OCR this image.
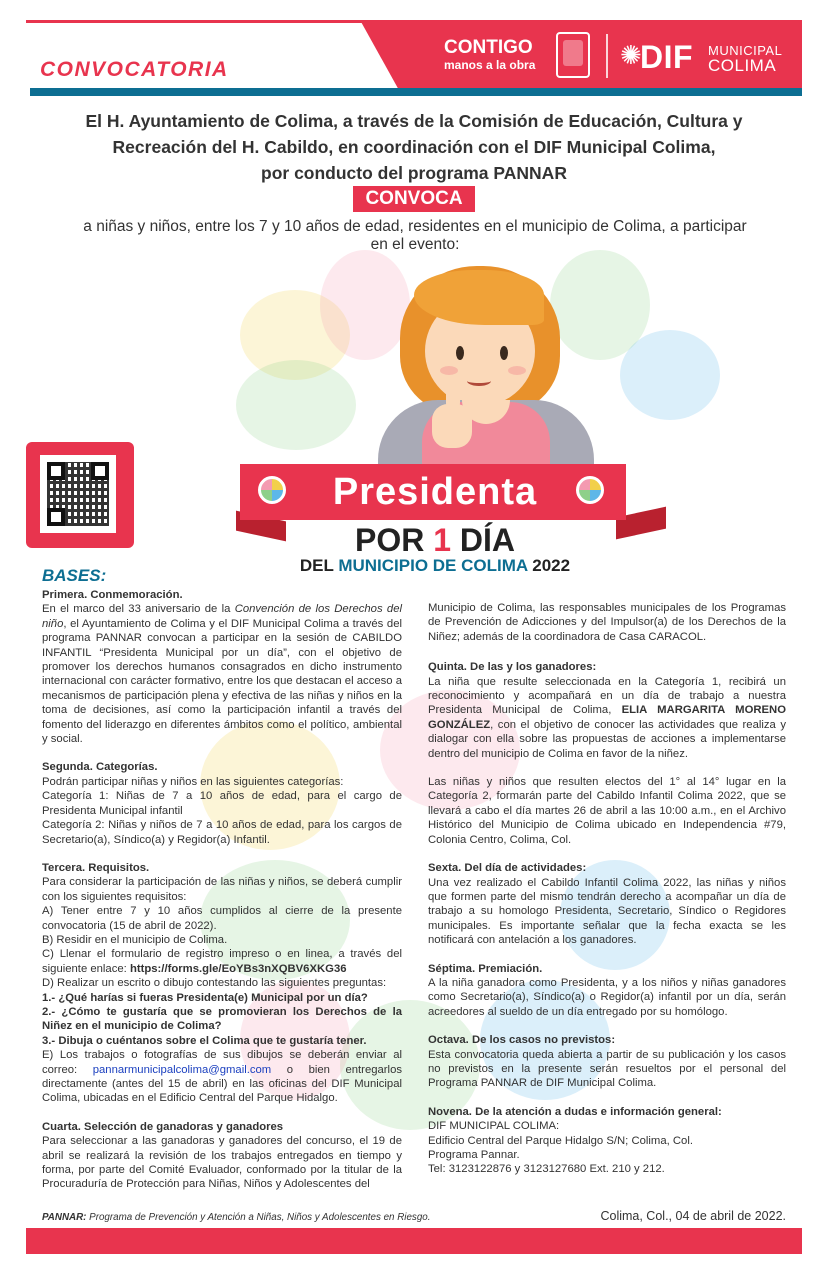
CONVOCATORIA
CONTIGO
manos a la obra	✺
DIF MUNICIPAL
COLIMA
El H. Ayuntamiento de Colima, a través de la Comisión de Educación, Cultura y
Recreación del H. Cabildo, en coordinación con el DIF Municipal Colima,
por conducto del programa PANNAR
CONVOCA
a niñas y niños, entre los 7 y 10 años de edad, residentes en el municipio de Colima, a participar
en el evento:
Presidenta
POR 1 DÍA
DEL MUNICIPIO DE COLIMA 2022
BASES:

Primera. Conmemoración.

En el marco del 33 aniversario de la Convención de los Derechos del niño, el Ayuntamiento de Colima y el DIF Municipal Colima a través del programa PANNAR convocan a participar en la sesión de CABILDO INFANTIL “Presidenta Municipal por un día”, con el objetivo de promover los derechos humanos consagrados en dicho instrumento internacional con carácter formativo, entre los que destacan el acceso a mecanismos de participación plena y efectiva de las niñas y niños en la toma de decisiones, así como la participación infantil a través del fomento del liderazgo en diferentes ámbitos como el político, ambiental y social.

Segunda. Categorías.

Podrán participar niñas y niños en las siguientes categorías:

Categoría 1: Niñas de 7 a 10 años de edad, para el cargo de Presidenta Municipal infantil

Categoría 2: Niñas y niños de 7 a 10 años de edad, para los cargos de Secretario(a), Síndico(a) y Regidor(a) Infantil.

Tercera. Requisitos.

Para considerar la participación de las niñas y niños, se deberá cumplir con los siguientes requisitos:

A) Tener entre 7 y 10 años cumplidos al cierre de la presente convocatoria (15 de abril de 2022).

B) Residir en el municipio de Colima.

C) Llenar el formulario de registro impreso o en linea, a través del siguiente enlace: https://forms.gle/EoYBs3nXQBV6XKG36

D) Realizar un escrito o dibujo contestando las siguientes preguntas:

1.- ¿Qué harías si fueras Presidenta(e) Municipal por un día?

2.- ¿Cómo te gustaría que se promovieran los Derechos de la Niñez en el municipio de Colima?

3.- Dibuja o cuéntanos sobre el Colima que te gustaría tener.

E) Los trabajos o fotografías de sus dibujos se deberán enviar al correo: pannarmunicipalcolima@gmail.com o bien entregarlos directamente (antes del 15 de abril) en las oficinas del DIF Municipal Colima, ubicadas en el Edificio Central del Parque Hidalgo.

Cuarta. Selección de ganadoras y ganadores

Para seleccionar a las ganadoras y ganadores del concurso, el 19 de abril se realizará la revisión de los trabajos entregados en tiempo y forma, por parte del Comité Evaluador, conformado por la titular de la Procuraduría de Protección para Niñas, Niños y Adolescentes del

Municipio de Colima, las responsables municipales de los Programas de Prevención de Adicciones y del Impulsor(a) de los Derechos de la Niñez; además de la coordinadora de Casa CARACOL.

Quinta. De las y los ganadores:

La niña que resulte seleccionada en la Categoría 1, recibirá un reconocimiento y acompañará en un día de trabajo a nuestra Presidenta Municipal de Colima, ELIA MARGARITA MORENO GONZÁLEZ, con el objetivo de conocer las actividades que realiza y dialogar con ella sobre las propuestas de acciones a implementarse dentro del municipio de Colima en favor de la niñez.

Las niñas y niños que resulten electos del 1° al 14° lugar en la Categoría 2, formarán parte del Cabildo Infantil Colima 2022, que se llevará a cabo el día martes 26 de abril a las 10:00 a.m., en el Archivo Histórico del Municipio de Colima ubicado en Independencia #79, Colonia Centro, Colima, Col.

Sexta. Del día de actividades:

Una vez realizado el Cabildo Infantil Colima 2022, las niñas y niños que formen parte del mismo tendrán derecho a acompañar un día de trabajo a su homologo Presidenta, Secretario, Síndico o Regidores municipales. Es importante señalar que la fecha exacta se les notificará con antelación a los ganadores.

Séptima. Premiación.

A la niña ganadora como Presidenta, y a los niños y niñas ganadores como Secretario(a), Síndico(a) o Regidor(a) infantil por un día, serán acreedores al sueldo de un día entregado por su homólogo.

Octava. De los casos no previstos:

Esta convocatoria queda abierta a partir de su publicación y los casos no previstos en la presente serán resueltos por el personal del Programa PANNAR de DIF Municipal Colima.

Novena. De la atención a dudas e información general:

DIF MUNICIPAL COLIMA:

Edificio Central del Parque Hidalgo S/N; Colima, Col.

Programa Pannar.

Tel: 3123122876 y 3123127680 Ext. 210 y 212.

PANNAR: Programa de Prevención y Atención a Niñas, Niños y Adolescentes en Riesgo.	Colima, Col., 04 de abril de 2022.
